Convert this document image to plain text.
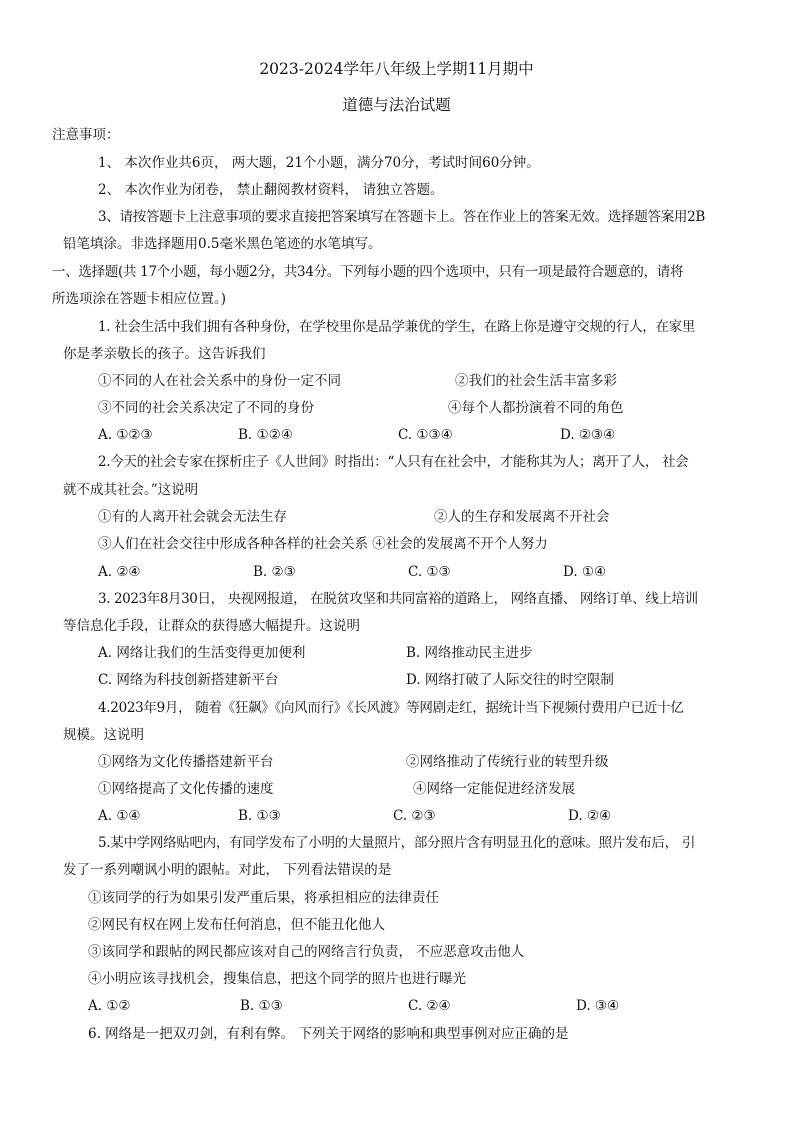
2023-2024学年八年级上学期11月期中
道德与法治试题
注意事项：
1、 本次作业共6页， 两大题，21个小题，满分70分，考试时间60分钟。
2、 本次作业为闭卷， 禁止翻阅教材资料， 请独立答题。
3、请按答题卡上注意事项的要求直接把答案填写在答题卡上。答在作业上的答案无效。选择题答案用2B
铅笔填涂。非选择题用0.5毫米黑色笔迹的水笔填写。
一、选择题(共 17个小题，每小题2分，共34分。下列每小题的四个选项中，只有一项是最符合题意的，请将
所选项涂在答题卡相应位置。)
1. 社会生活中我们拥有各种身份，在学校里你是品学兼优的学生，在路上你是遵守交规的行人，在家里
你是孝亲敬长的孩子。这告诉我们
①不同的人在社会关系中的身份一定不同	②我们的社会生活丰富多彩
③不同的社会关系决定了不同的身份	④每个人都扮演着不同的角色
A. ①②③	B. ①②④	C. ①③④	D. ②③④
2.今天的社会专家在探析庄子《人世间》时指出：“人只有在社会中，才能称其为人；离开了人， 社会
就不成其社会。”这说明
①有的人离开社会就会无法生存	②人的生存和发展离不开社会
③人们在社会交往中形成各种各样的社会关系 ④社会的发展离不开个人努力
A. ②④	B. ②③	C. ①③	D. ①④
3. 2023年8月30日， 央视网报道， 在脱贫攻坚和共同富裕的道路上， 网络直播、 网络订单、线上培训
等信息化手段，让群众的获得感大幅提升。这说明
A. 网络让我们的生活变得更加便利	B. 网络推动民主进步
C. 网络为科技创新搭建新平台	D. 网络打破了人际交往的时空限制
4.2023年9月， 随着《狂飙》《向风而行》《长风渡》等网剧走红，据统计当下视频付费用户已近十亿
规模。这说明
①网络为文化传播搭建新平台	②网络推动了传统行业的转型升级
①网络提高了文化传播的速度	④网络一定能促进经济发展
A. ①④	B. ①③	C. ②③	D. ②④
5.某中学网络贴吧内，有同学发布了小明的大量照片，部分照片含有明显丑化的意味。照片发布后， 引
发了一系列嘲讽小明的跟帖。对此， 下列看法错误的是
①该同学的行为如果引发严重后果，将承担相应的法律责任
②网民有权在网上发布任何消息，但不能丑化他人
③该同学和跟帖的网民都应该对自己的网络言行负责， 不应恶意攻击他人
④小明应该寻找机会，搜集信息，把这个同学的照片也进行曝光
A. ①②	B. ①③	C. ②④	D. ③④
6. 网络是一把双刃剑，有利有弊。 下列关于网络的影响和典型事例对应正确的是
